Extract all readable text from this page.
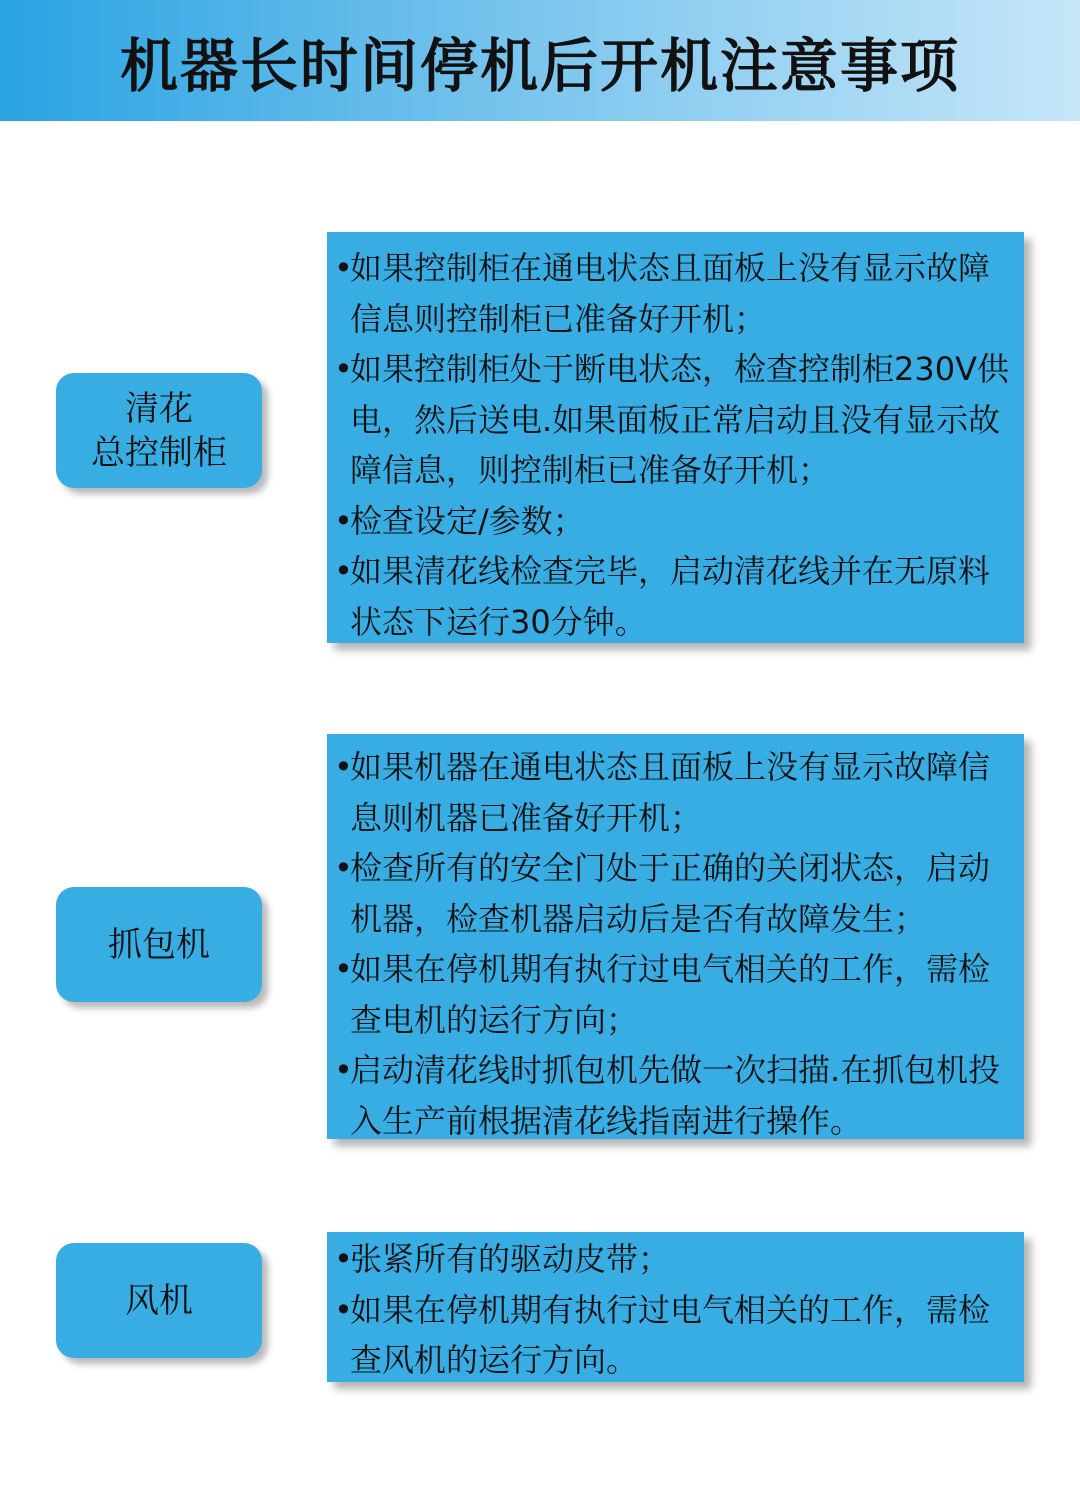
机器长时间停机后开机注意事项
清花
总控制柜
•
如果控制柜在通电状态且面板上没有显示故障信息则控制柜已准备好开机；
•
如果控制柜处于断电状态，检查控制柜230V供电，然后送电.如果面板正常启动且没有显示故障信息，则控制柜已准备好开机；
•
检查设定/参数；
•
如果清花线检查完毕，启动清花线并在无原料状态下运行30分钟。
抓包机
•
如果机器在通电状态且面板上没有显示故障信息则机器已准备好开机；
•
检查所有的安全门处于正确的关闭状态，启动机器，检查机器启动后是否有故障发生；
•
如果在停机期有执行过电气相关的工作，需检查电机的运行方向；
•
启动清花线时抓包机先做一次扫描.在抓包机投入生产前根据清花线指南进行操作。
风机
•
张紧所有的驱动皮带；
•
如果在停机期有执行过电气相关的工作，需检查风机的运行方向。
